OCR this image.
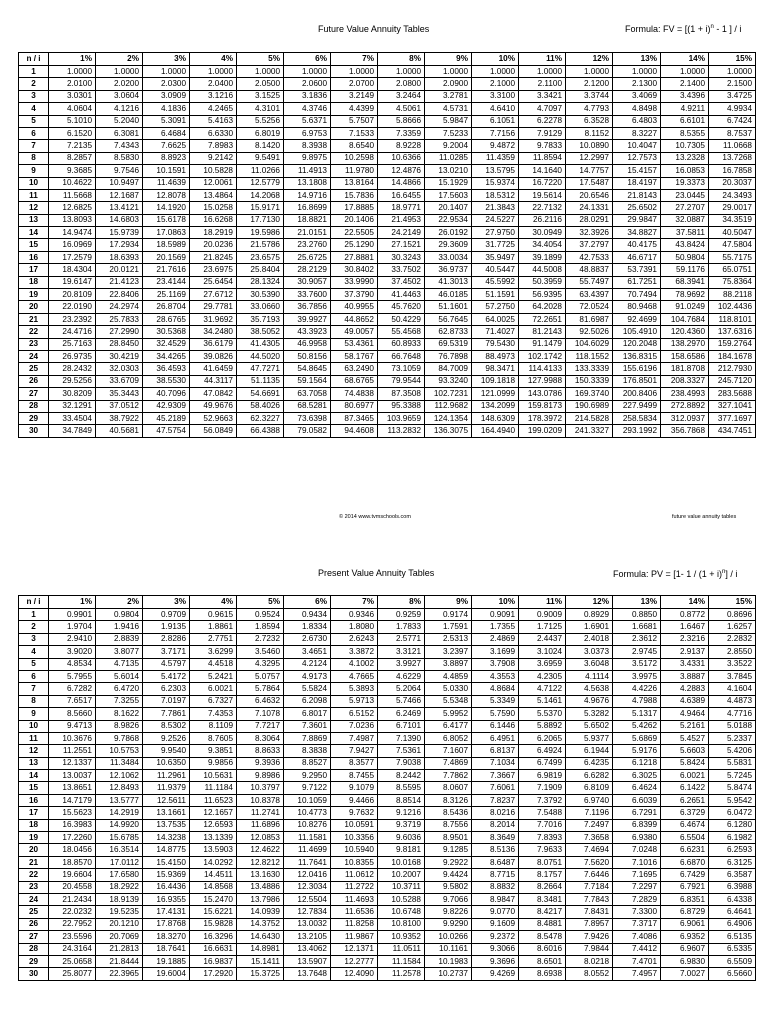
Future Value Annuity Tables	Formula: FV = [$(1 + i)^n - 1$ ] / i
n / i	1%	2%	3%	4%	5%	6%	7%	8%	9%	10%	11%	12%	13%	14%	15%
1	1.0000	1.0000	1.0000	1.0000	1.0000	1.0000	1.0000	1.0000	1.0000	1.0000	1.0000	1.0000	1.0000	1.0000	1.0000
2	2.0100	2.0200	2.0300	2.0400	2.0500	2.0600	2.0700	2.0800	2.0900	2.1000	2.1100	2.1200	2.1300	2.1400	2.1500
3	3.0301	3.0604	3.0909	3.1216	3.1525	3.1836	3.2149	3.2464	3.2781	3.3100	3.3421	3.3744	3.4069	3.4396	3.4725
4	4.0604	4.1216	4.1836	4.2465	4.3101	4.3746	4.4399	4.5061	4.5731	4.6410	4.7097	4.7793	4.8498	4.9211	4.9934
5	5.1010	5.2040	5.3091	5.4163	5.5256	5.6371	5.7507	5.8666	5.9847	6.1051	6.2278	6.3528	6.4803	6.6101	6.7424
6	6.1520	6.3081	6.4684	6.6330	6.8019	6.9753	7.1533	7.3359	7.5233	7.7156	7.9129	8.1152	8.3227	8.5355	8.7537
7	7.2135	7.4343	7.6625	7.8983	8.1420	8.3938	8.6540	8.9228	9.2004	9.4872	9.7833	10.0890	10.4047	10.7305	11.0668
8	8.2857	8.5830	8.8923	9.2142	9.5491	9.8975	10.2598	10.6366	11.0285	11.4359	11.8594	12.2997	12.7573	13.2328	13.7268
9	9.3685	9.7546	10.1591	10.5828	11.0266	11.4913	11.9780	12.4876	13.0210	13.5795	14.1640	14.7757	15.4157	16.0853	16.7858
10	10.4622	10.9497	11.4639	12.0061	12.5779	13.1808	13.8164	14.4866	15.1929	15.9374	16.7220	17.5487	18.4197	19.3373	20.3037
11	11.5668	12.1687	12.8078	13.4864	14.2068	14.9716	15.7836	16.6455	17.5603	18.5312	19.5614	20.6546	21.8143	23.0445	24.3493
12	12.6825	13.4121	14.1920	15.0258	15.9171	16.8699	17.8885	18.9771	20.1407	21.3843	22.7132	24.1331	25.6502	27.2707	29.0017
13	13.8093	14.6803	15.6178	16.6268	17.7130	18.8821	20.1406	21.4953	22.9534	24.5227	26.2116	28.0291	29.9847	32.0887	34.3519
14	14.9474	15.9739	17.0863	18.2919	19.5986	21.0151	22.5505	24.2149	26.0192	27.9750	30.0949	32.3926	34.8827	37.5811	40.5047
15	16.0969	17.2934	18.5989	20.0236	21.5786	23.2760	25.1290	27.1521	29.3609	31.7725	34.4054	37.2797	40.4175	43.8424	47.5804
16	17.2579	18.6393	20.1569	21.8245	23.6575	25.6725	27.8881	30.3243	33.0034	35.9497	39.1899	42.7533	46.6717	50.9804	55.7175
17	18.4304	20.0121	21.7616	23.6975	25.8404	28.2129	30.8402	33.7502	36.9737	40.5447	44.5008	48.8837	53.7391	59.1176	65.0751
18	19.6147	21.4123	23.4144	25.6454	28.1324	30.9057	33.9990	37.4502	41.3013	45.5992	50.3959	55.7497	61.7251	68.3941	75.8364
19	20.8109	22.8406	25.1169	27.6712	30.5390	33.7600	37.3790	41.4463	46.0185	51.1591	56.9395	63.4397	70.7494	78.9692	88.2118
20	22.0190	24.2974	26.8704	29.7781	33.0660	36.7856	40.9955	45.7620	51.1601	57.2750	64.2028	72.0524	80.9468	91.0249	102.4436
21	23.2392	25.7833	28.6765	31.9692	35.7193	39.9927	44.8652	50.4229	56.7645	64.0025	72.2651	81.6987	92.4699	104.7684	118.8101
22	24.4716	27.2990	30.5368	34.2480	38.5052	43.3923	49.0057	55.4568	62.8733	71.4027	81.2143	92.5026	105.4910	120.4360	137.6316
23	25.7163	28.8450	32.4529	36.6179	41.4305	46.9958	53.4361	60.8933	69.5319	79.5430	91.1479	104.6029	120.2048	138.2970	159.2764
24	26.9735	30.4219	34.4265	39.0826	44.5020	50.8156	58.1767	66.7648	76.7898	88.4973	102.1742	118.1552	136.8315	158.6586	184.1678
25	28.2432	32.0303	36.4593	41.6459	47.7271	54.8645	63.2490	73.1059	84.7009	98.3471	114.4133	133.3339	155.6196	181.8708	212.7930
26	29.5256	33.6709	38.5530	44.3117	51.1135	59.1564	68.6765	79.9544	93.3240	109.1818	127.9988	150.3339	176.8501	208.3327	245.7120
27	30.8209	35.3443	40.7096	47.0842	54.6691	63.7058	74.4838	87.3508	102.7231	121.0999	143.0786	169.3740	200.8406	238.4993	283.5688
28	32.1291	37.0512	42.9309	49.9676	58.4026	68.5281	80.6977	95.3388	112.9682	134.2099	159.8173	190.6989	227.9499	272.8892	327.1041
29	33.4504	38.7922	45.2189	52.9663	62.3227	73.6398	87.3465	103.9659	124.1354	148.6309	178.3972	214.5828	258.5834	312.0937	377.1697
30	34.7849	40.5681	47.5754	56.0849	66.4388	79.0582	94.4608	113.2832	136.3075	164.4940	199.0209	241.3327	293.1992	356.7868	434.7451
© 2014 www.tvmschools.com	future value annuity tables
Present Value Annuity Tables	Formula: PV = [1- $1 / (1 + i)^n] / i$
n / i	1%	2%	3%	4%	5%	6%	7%	8%	9%	10%	11%	12%	13%	14%	15%
1	0.9901	0.9804	0.9709	0.9615	0.9524	0.9434	0.9346	0.9259	0.9174	0.9091	0.9009	0.8929	0.8850	0.8772	0.8696
2	1.9704	1.9416	1.9135	1.8861	1.8594	1.8334	1.8080	1.7833	1.7591	1.7355	1.7125	1.6901	1.6681	1.6467	1.6257
3	2.9410	2.8839	2.8286	2.7751	2.7232	2.6730	2.6243	2.5771	2.5313	2.4869	2.4437	2.4018	2.3612	2.3216	2.2832
4	3.9020	3.8077	3.7171	3.6299	3.5460	3.4651	3.3872	3.3121	3.2397	3.1699	3.1024	3.0373	2.9745	2.9137	2.8550
5	4.8534	4.7135	4.5797	4.4518	4.3295	4.2124	4.1002	3.9927	3.8897	3.7908	3.6959	3.6048	3.5172	3.4331	3.3522
6	5.7955	5.6014	5.4172	5.2421	5.0757	4.9173	4.7665	4.6229	4.4859	4.3553	4.2305	4.1114	3.9975	3.8887	3.7845
7	6.7282	6.4720	6.2303	6.0021	5.7864	5.5824	5.3893	5.2064	5.0330	4.8684	4.7122	4.5638	4.4226	4.2883	4.1604
8	7.6517	7.3255	7.0197	6.7327	6.4632	6.2098	5.9713	5.7466	5.5348	5.3349	5.1461	4.9676	4.7988	4.6389	4.4873
9	8.5660	8.1622	7.7861	7.4353	7.1078	6.8017	6.5152	6.2469	5.9952	5.7590	5.5370	5.3282	5.1317	4.9464	4.7716
10	9.4713	8.9826	8.5302	8.1109	7.7217	7.3601	7.0236	6.7101	6.4177	6.1446	5.8892	5.6502	5.4262	5.2161	5.0188
11	10.3676	9.7868	9.2526	8.7605	8.3064	7.8869	7.4987	7.1390	6.8052	6.4951	6.2065	5.9377	5.6869	5.4527	5.2337
12	11.2551	10.5753	9.9540	9.3851	8.8633	8.3838	7.9427	7.5361	7.1607	6.8137	6.4924	6.1944	5.9176	5.6603	5.4206
13	12.1337	11.3484	10.6350	9.9856	9.3936	8.8527	8.3577	7.9038	7.4869	7.1034	6.7499	6.4235	6.1218	5.8424	5.5831
14	13.0037	12.1062	11.2961	10.5631	9.8986	9.2950	8.7455	8.2442	7.7862	7.3667	6.9819	6.6282	6.3025	6.0021	5.7245
15	13.8651	12.8493	11.9379	11.1184	10.3797	9.7122	9.1079	8.5595	8.0607	7.6061	7.1909	6.8109	6.4624	6.1422	5.8474
16	14.7179	13.5777	12.5611	11.6523	10.8378	10.1059	9.4466	8.8514	8.3126	7.8237	7.3792	6.9740	6.6039	6.2651	5.9542
17	15.5623	14.2919	13.1661	12.1657	11.2741	10.4773	9.7632	9.1216	8.5436	8.0216	7.5488	7.1196	6.7291	6.3729	6.0472
18	16.3983	14.9920	13.7535	12.6593	11.6896	10.8276	10.0591	9.3719	8.7556	8.2014	7.7016	7.2497	6.8399	6.4674	6.1280
19	17.2260	15.6785	14.3238	13.1339	12.0853	11.1581	10.3356	9.6036	8.9501	8.3649	7.8393	7.3658	6.9380	6.5504	6.1982
20	18.0456	16.3514	14.8775	13.5903	12.4622	11.4699	10.5940	9.8181	9.1285	8.5136	7.9633	7.4694	7.0248	6.6231	6.2593
21	18.8570	17.0112	15.4150	14.0292	12.8212	11.7641	10.8355	10.0168	9.2922	8.6487	8.0751	7.5620	7.1016	6.6870	6.3125
22	19.6604	17.6580	15.9369	14.4511	13.1630	12.0416	11.0612	10.2007	9.4424	8.7715	8.1757	7.6446	7.1695	6.7429	6.3587
23	20.4558	18.2922	16.4436	14.8568	13.4886	12.3034	11.2722	10.3711	9.5802	8.8832	8.2664	7.7184	7.2297	6.7921	6.3988
24	21.2434	18.9139	16.9355	15.2470	13.7986	12.5504	11.4693	10.5288	9.7066	8.9847	8.3481	7.7843	7.2829	6.8351	6.4338
25	22.0232	19.5235	17.4131	15.6221	14.0939	12.7834	11.6536	10.6748	9.8226	9.0770	8.4217	7.8431	7.3300	6.8729	6.4641
26	22.7952	20.1210	17.8768	15.9828	14.3752	13.0032	11.8258	10.8100	9.9290	9.1609	8.4881	7.8957	7.3717	6.9061	6.4906
27	23.5596	20.7069	18.3270	16.3296	14.6430	13.2105	11.9867	10.9352	10.0266	9.2372	8.5478	7.9426	7.4086	6.9352	6.5135
28	24.3164	21.2813	18.7641	16.6631	14.8981	13.4062	12.1371	11.0511	10.1161	9.3066	8.6016	7.9844	7.4412	6.9607	6.5335
29	25.0658	21.8444	19.1885	16.9837	15.1411	13.5907	12.2777	11.1584	10.1983	9.3696	8.6501	8.0218	7.4701	6.9830	6.5509
30	25.8077	22.3965	19.6004	17.2920	15.3725	13.7648	12.4090	11.2578	10.2737	9.4269	8.6938	8.0552	7.4957	7.0027	6.5660
